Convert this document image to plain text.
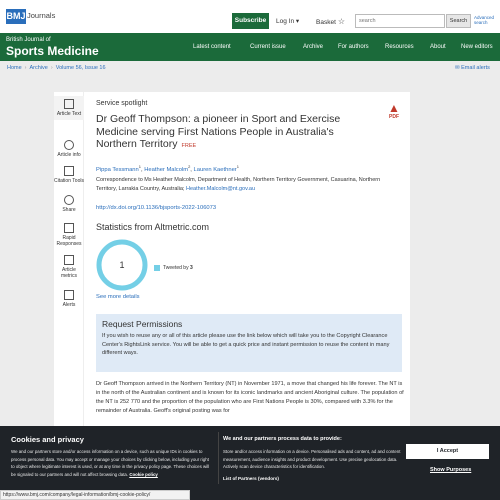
BMJ Journals
Subscribe	Log In ▾	Basket ☆
search	Search
Advanced search
British Journal of
Sports Medicine	Latest content	Current issue	Archive For authors	Resources	About	New editors
Home › Archive › Volume 56, Issue 16	✉ Email alerts
Article Text
Article info
Citation Tools
Share
Rapid Responses
Article metrics
Alerts
Service spotlight	▲
PDF
Dr Geoff Thompson: a pioneer in Sport and Exercise Medicine serving First Nations People in Australia's Northern Territory FREE
Pippa Tessmann$^1$, Heather Malcolm$^2$, Lauren Kaethner$^1$
Correspondence to Ms Heather Malcolm, Department of Health, Northern Territory Government, Casuarina, Northern Territory, Larrakia Country, Australia; Heather.Malcolm@nt.gov.au
http://dx.doi.org/10.1136/bjsports-2022-106073
Statistics from Altmetric.com
1	Tweeted by 3
See more details
Request Permissions
If you wish to reuse any or all of this article please use the link below which will take you to the Copyright Clearance Center's RightsLink service. You will be able to get a quick price and instant permission to reuse the content in many different ways.
Dr Geoff Thompson arrived in the Northern Territory (NT) in November 1971, a move that changed his life forever. The NT is in the north of the Australian continent and is known for its iconic landmarks and ancient Aboriginal culture. The population of the NT is 252 770 and the proportion of the population who are First Nations People is 30%, compared with 3.3% for the remainder of Australia. Geoff's original posting was for
Cookies and privacy
We and our partners store and/or access information on a device, such as unique IDs in cookies to process personal data. You may accept or manage your choices by clicking below, including your right to object where legitimate interest is used, or at any time in the privacy policy page. These choices will be signaled to our partners and will not affect browsing data. Cookie policy
We and our partners process data to provide:
Store and/or access information on a device. Personalised ads and content, ad and content measurement, audience insights and product development. Use precise geolocation data. Actively scan device characteristics for identification.
List of Partners (vendors)
I Accept
Show Purposes
https://www.bmj.com/company/legal-information/bmj-cookie-policy/
